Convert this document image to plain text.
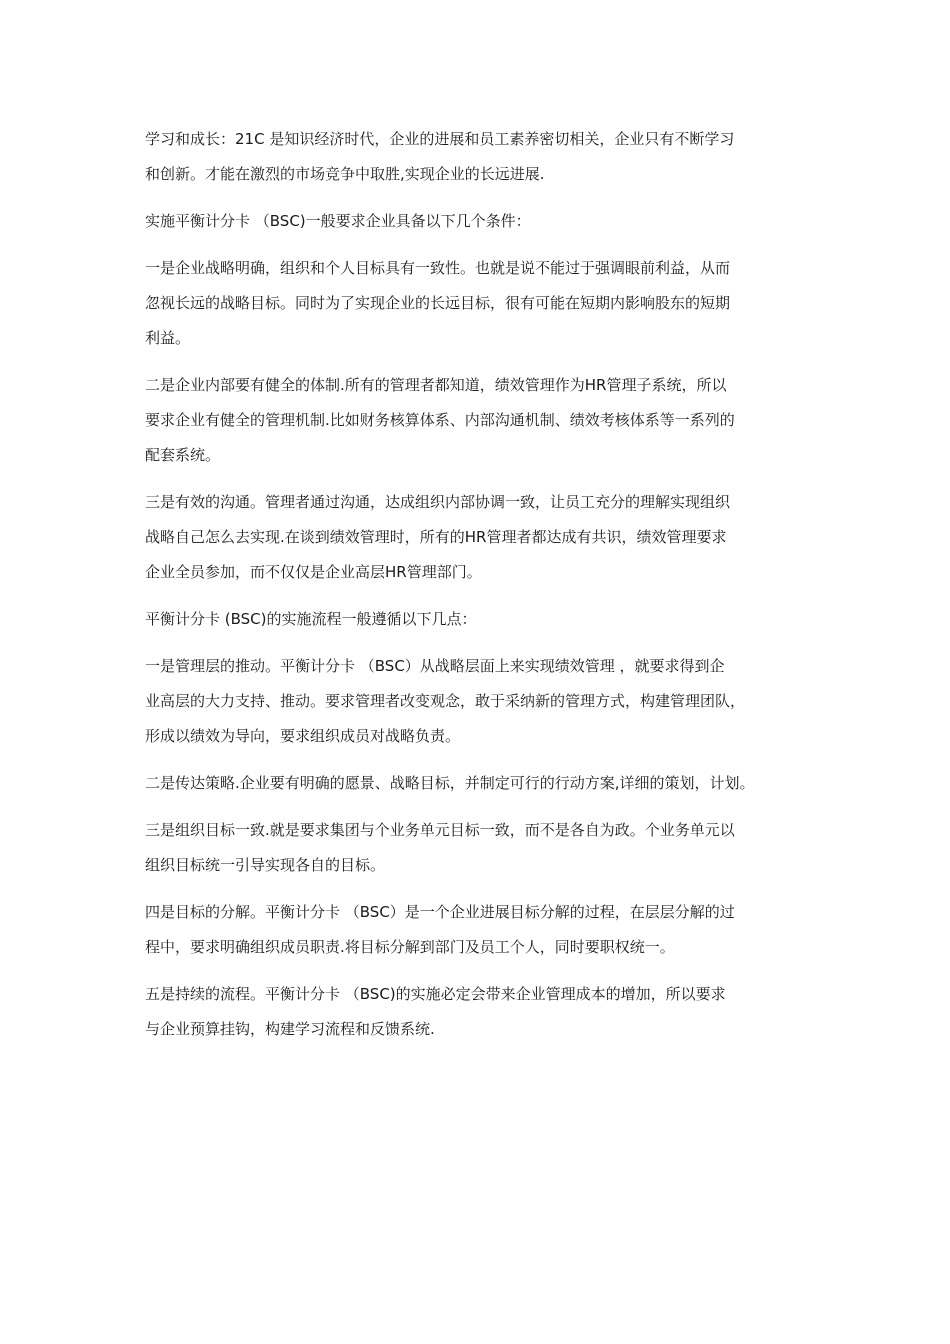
学习和成长：21C 是知识经济时代，企业的进展和员工素养密切相关，企业只有不断学习
和创新。才能在激烈的市场竞争中取胜,实现企业的长远进展.

实施平衡计分卡 （BSC)一般要求企业具备以下几个条件：

一是企业战略明确，组织和个人目标具有一致性。也就是说不能过于强调眼前利益，从而
忽视长远的战略目标。同时为了实现企业的长远目标，很有可能在短期内影响股东的短期
利益。

二是企业内部要有健全的体制.所有的管理者都知道，绩效管理作为HR管理子系统，所以
要求企业有健全的管理机制.比如财务核算体系、内部沟通机制、绩效考核体系等一系列的
配套系统。

三是有效的沟通。管理者通过沟通，达成组织内部协调一致，让员工充分的理解实现组织
战略自己怎么去实现.在谈到绩效管理时，所有的HR管理者都达成有共识，绩效管理要求
企业全员参加，而不仅仅是企业高层HR管理部门。

平衡计分卡 (BSC)的实施流程一般遵循以下几点：

一是管理层的推动。平衡计分卡 （BSC）从战略层面上来实现绩效管理 ，就要求得到企
业高层的大力支持、推动。要求管理者改变观念，敢于采纳新的管理方式，构建管理团队，
形成以绩效为导向，要求组织成员对战略负责。

二是传达策略.企业要有明确的愿景、战略目标，并制定可行的行动方案,详细的策划，计划。

三是组织目标一致.就是要求集团与个业务单元目标一致，而不是各自为政。个业务单元以
组织目标统一引导实现各自的目标。

四是目标的分解。平衡计分卡 （BSC）是一个企业进展目标分解的过程，在层层分解的过
程中，要求明确组织成员职责.将目标分解到部门及员工个人，同时要职权统一。

五是持续的流程。平衡计分卡 （BSC)的实施必定会带来企业管理成本的增加，所以要求
与企业预算挂钩，构建学习流程和反馈系统.
